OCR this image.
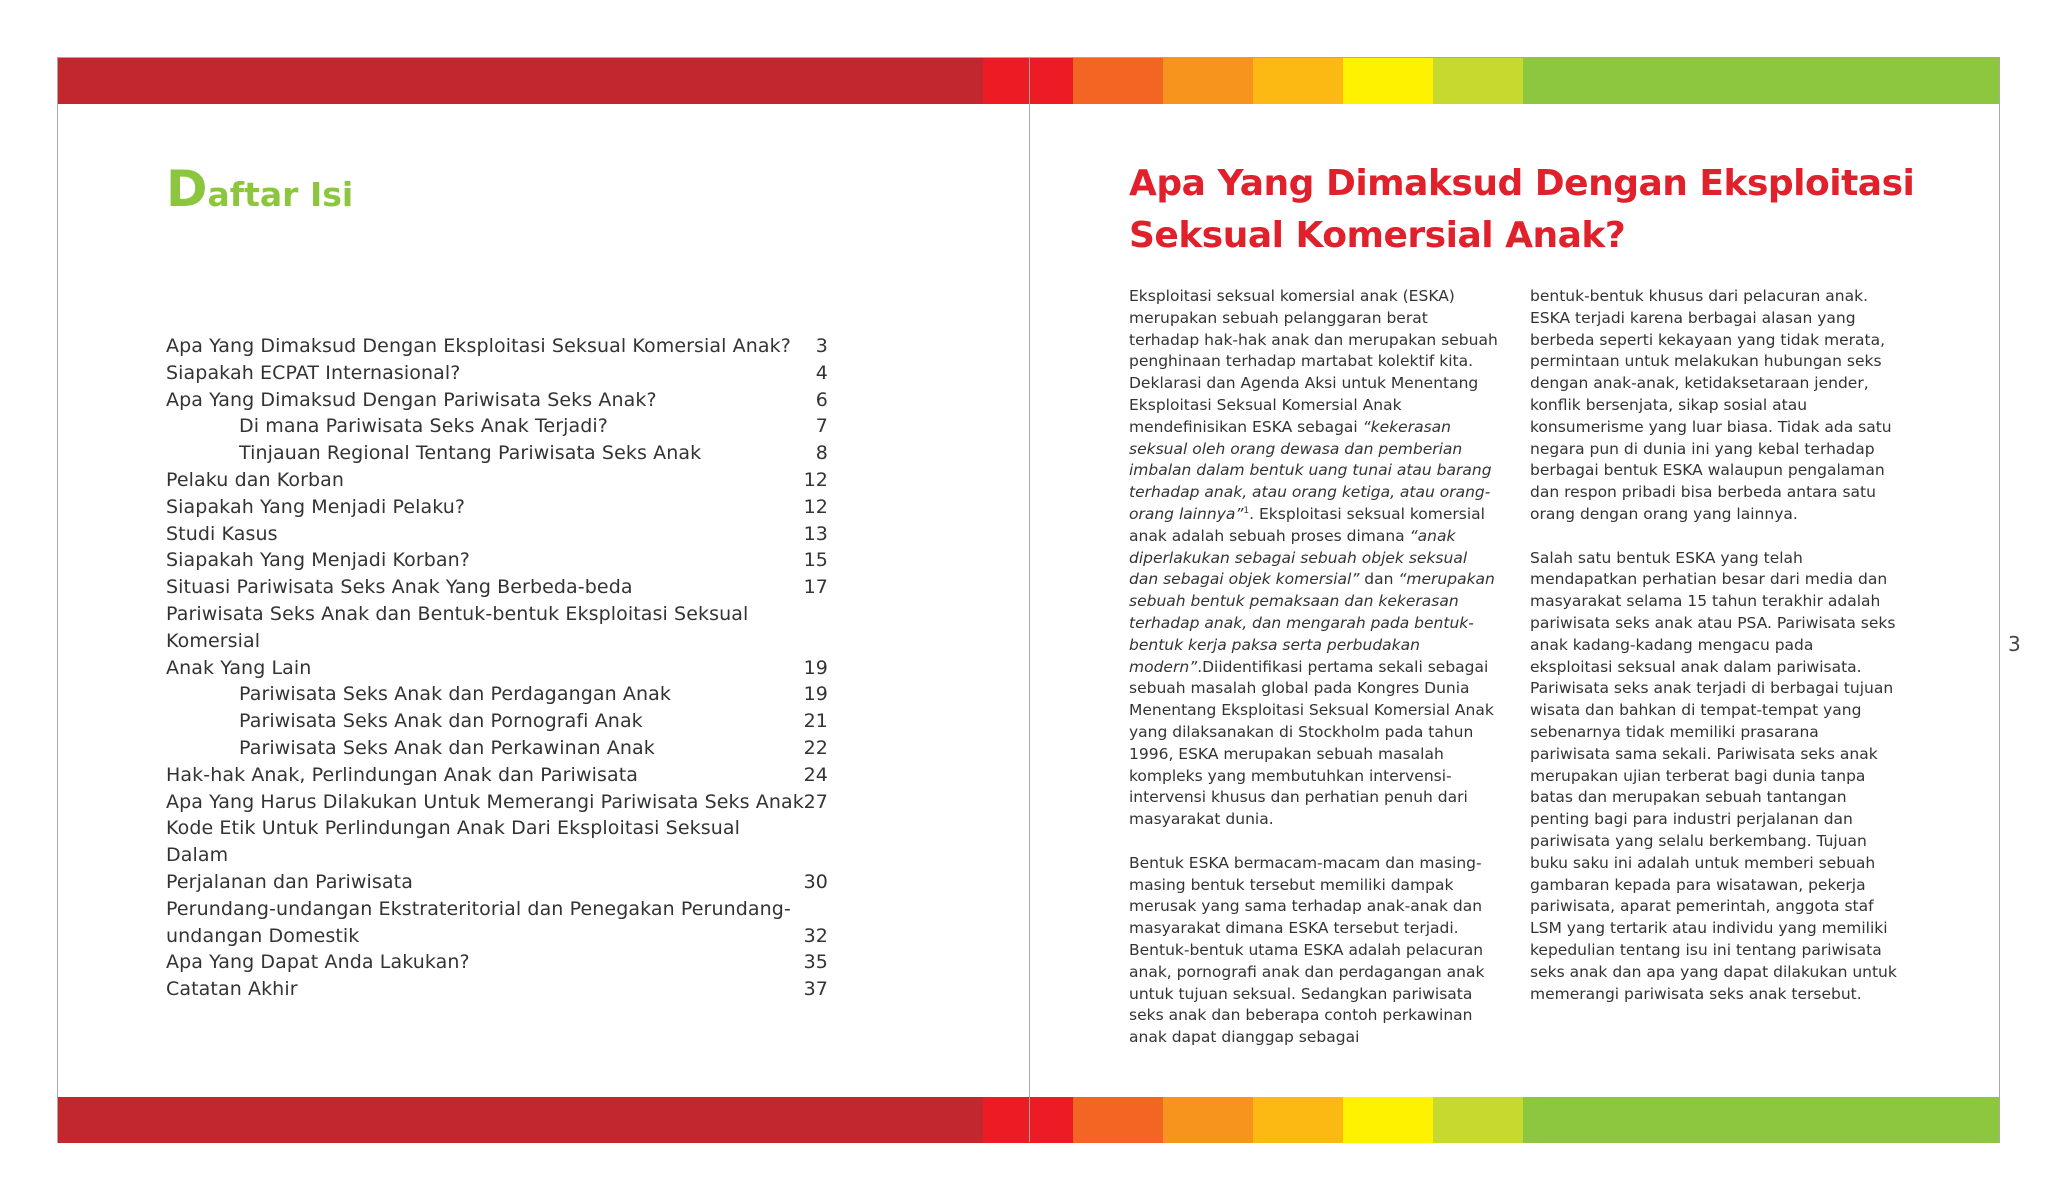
Daftar Isi
Apa Yang Dimaksud Dengan Eksploitasi Seksual Komersial Anak? 3
Siapakah ECPAT Internasional?	4
Apa Yang Dimaksud Dengan Pariwisata Seks Anak?	6
Di mana Pariwisata Seks Anak Terjadi?	7
Tinjauan Regional Tentang Pariwisata Seks Anak	8
Pelaku dan Korban	12
Siapakah Yang Menjadi Pelaku?	12
Studi Kasus	13
Siapakah Yang Menjadi Korban?	15
Situasi Pariwisata Seks Anak Yang Berbeda-beda	17
Pariwisata Seks Anak dan Bentuk-bentuk Eksploitasi Seksual Komersial
Anak Yang Lain	19
Pariwisata Seks Anak dan Perdagangan Anak	19
Pariwisata Seks Anak dan Pornografi Anak	21
Pariwisata Seks Anak dan Perkawinan Anak	22
Hak-hak Anak, Perlindungan Anak dan Pariwisata	24
Apa Yang Harus Dilakukan Untuk Memerangi Pariwisata Seks Anak 27
Kode Etik Untuk Perlindungan Anak Dari Eksploitasi Seksual Dalam
Perjalanan dan Pariwisata	30
Perundang-undangan Ekstrateritorial dan Penegakan Perundang-
undangan Domestik	32
Apa Yang Dapat Anda Lakukan?	35
Catatan Akhir	37
Apa Yang Dimaksud Dengan Eksploitasi
Seksual Komersial Anak?

Eksploitasi seksual komersial anak (ESKA) merupakan sebuah pelanggaran berat terhadap hak-hak anak dan merupakan sebuah penghinaan terhadap martabat kolektif kita. Deklarasi dan Agenda Aksi untuk Menentang Eksploitasi Seksual Komersial Anak mendefinisikan ESKA sebagai “kekerasan seksual oleh orang dewasa dan pemberian imbalan dalam bentuk uang tunai atau barang terhadap anak, atau orang ketiga, atau orang-orang lainnya”$^1$. Eksploitasi seksual komersial anak adalah sebuah proses dimana “anak diperlakukan sebagai sebuah objek seksual dan sebagai objek komersial” dan “merupakan sebuah bentuk pemaksaan dan kekerasan terhadap anak, dan mengarah pada bentuk-bentuk kerja paksa serta perbudakan modern”.Diidentifikasi pertama sekali sebagai sebuah masalah global pada Kongres Dunia Menentang Eksploitasi Seksual Komersial Anak yang dilaksanakan di Stockholm pada tahun 1996, ESKA merupakan sebuah masalah kompleks yang membutuhkan intervensi-intervensi khusus dan perhatian penuh dari masyarakat dunia.

Bentuk ESKA bermacam-macam dan masing-masing bentuk tersebut memiliki dampak merusak yang sama terhadap anak-anak dan masyarakat dimana ESKA tersebut terjadi. Bentuk-bentuk utama ESKA adalah pelacuran anak, pornografi anak dan perdagangan anak untuk tujuan seksual. Sedangkan pariwisata seks anak dan beberapa contoh perkawinan anak dapat dianggap sebagai

bentuk-bentuk khusus dari pelacuran anak. ESKA terjadi karena berbagai alasan yang berbeda seperti kekayaan yang tidak merata, permintaan untuk melakukan hubungan seks dengan anak-anak, ketidaksetaraan jender, konflik bersenjata, sikap sosial atau konsumerisme yang luar biasa. Tidak ada satu negara pun di dunia ini yang kebal terhadap berbagai bentuk ESKA walaupun pengalaman dan respon pribadi bisa berbeda antara satu orang dengan orang yang lainnya.

Salah satu bentuk ESKA yang telah mendapatkan perhatian besar dari media dan masyarakat selama 15 tahun terakhir adalah pariwisata seks anak atau PSA. Pariwisata seks anak kadang-kadang mengacu pada eksploitasi seksual anak dalam pariwisata. Pariwisata seks anak terjadi di berbagai tujuan wisata dan bahkan di tempat-tempat yang sebenarnya tidak memiliki prasarana pariwisata sama sekali. Pariwisata seks anak merupakan ujian terberat bagi dunia tanpa batas dan merupakan sebuah tantangan penting bagi para industri perjalanan dan pariwisata yang selalu berkembang. Tujuan buku saku ini adalah untuk memberi sebuah gambaran kepada para wisatawan, pekerja pariwisata, aparat pemerintah, anggota staf LSM yang tertarik atau individu yang memiliki kepedulian tentang isu ini tentang pariwisata seks anak dan apa yang dapat dilakukan untuk memerangi pariwisata seks anak tersebut.

3
